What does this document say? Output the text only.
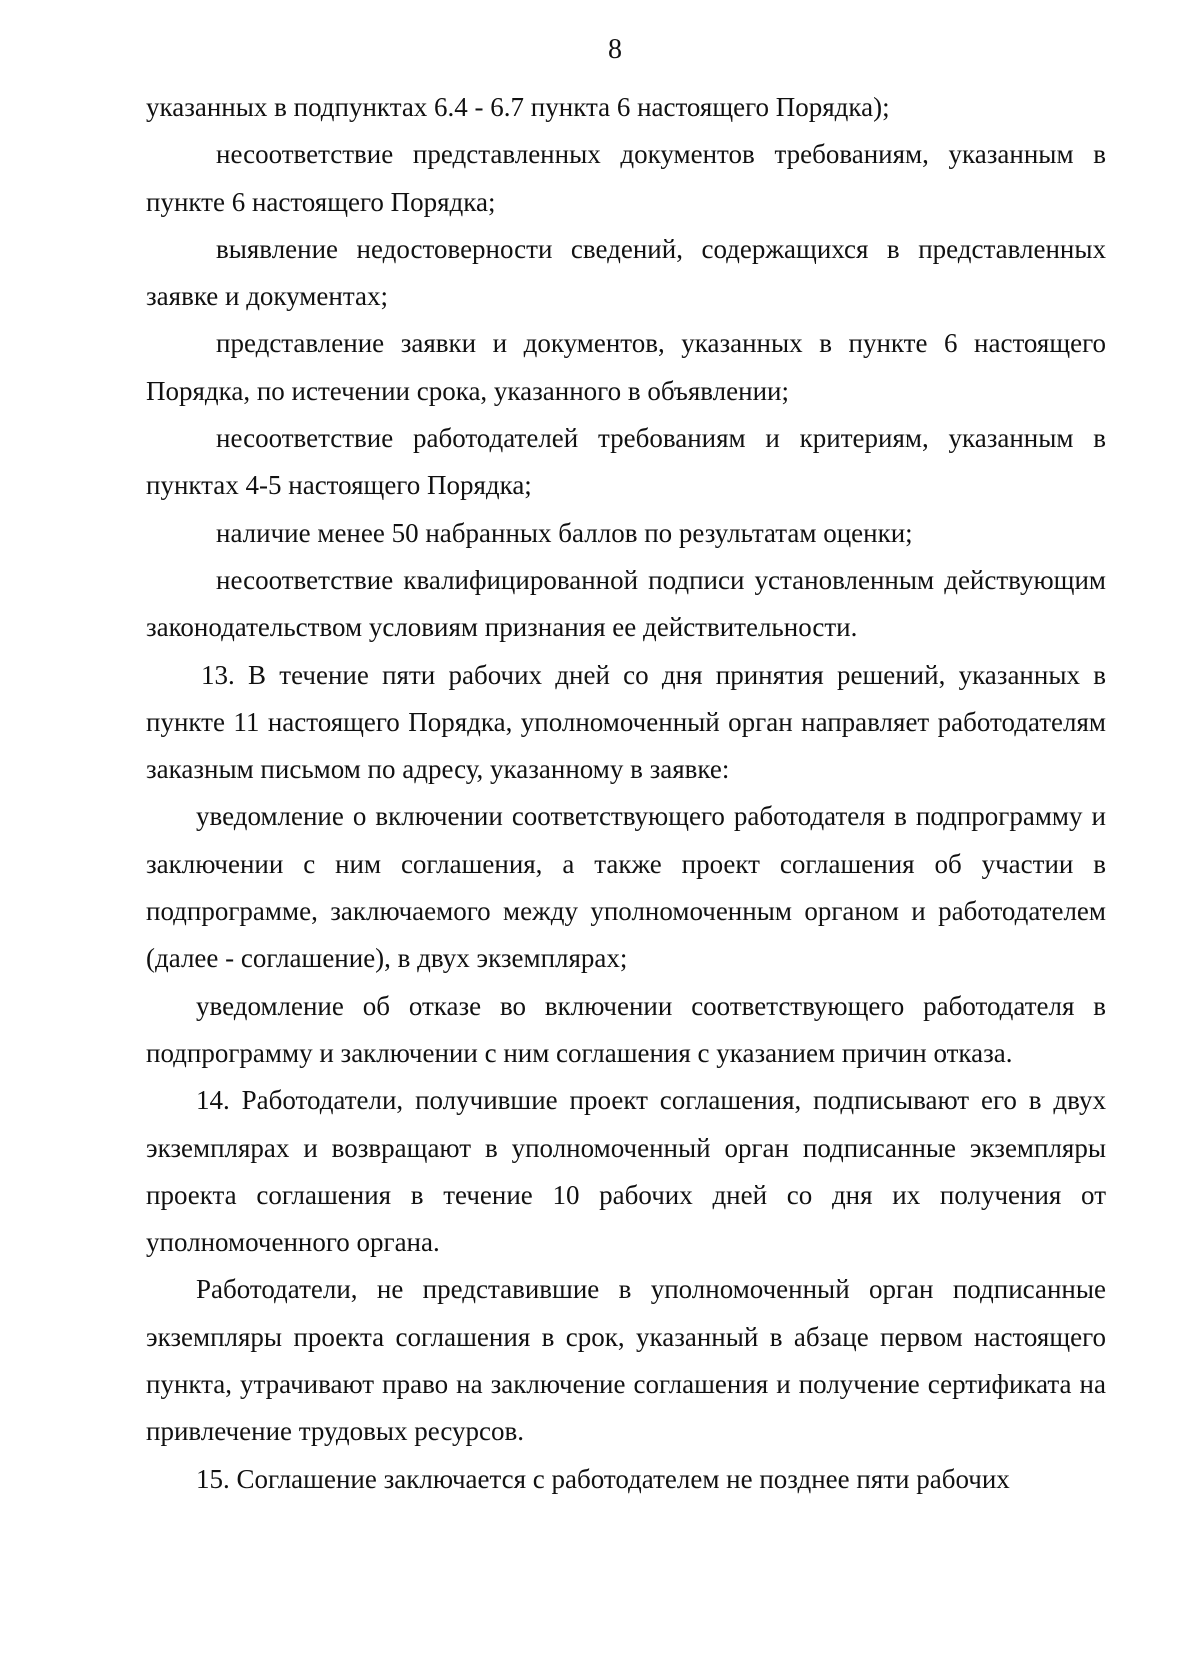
8

указанных в подпунктах 6.4 - 6.7 пункта 6 настоящего Порядка);

несоответствие представленных документов требованиям, указанным в пункте 6 настоящего Порядка;

выявление недостоверности сведений, содержащихся в представленных заявке и документах;

представление заявки и документов, указанных в пункте 6 настоящего Порядка, по истечении срока, указанного в объявлении;

несоответствие работодателей требованиям и критериям, указанным в пунктах 4-5 настоящего Порядка;

наличие менее 50 набранных баллов по результатам оценки;

несоответствие квалифицированной подписи установленным действующим законодательством условиям признания ее действительности.

13. В течение пяти рабочих дней со дня принятия решений, указанных в пункте 11 настоящего Порядка, уполномоченный орган направляет работодателям заказным письмом по адресу, указанному в заявке:

уведомление о включении соответствующего работодателя в подпрограмму и заключении с ним соглашения, а также проект соглашения об участии в подпрограмме, заключаемого между уполномоченным органом и работодателем (далее - соглашение), в двух экземплярах;

уведомление об отказе во включении соответствующего работодателя в подпрограмму и заключении с ним соглашения с указанием причин отказа.

14. Работодатели, получившие проект соглашения, подписывают его в двух экземплярах и возвращают в уполномоченный орган подписанные экземпляры проекта соглашения в течение 10 рабочих дней со дня их получения от уполномоченного органа.

Работодатели, не представившие в уполномоченный орган подписанные экземпляры проекта соглашения в срок, указанный в абзаце первом настоящего пункта, утрачивают право на заключение соглашения и получение сертификата на привлечение трудовых ресурсов.

15. Соглашение заключается с работодателем не позднее пяти рабочих
